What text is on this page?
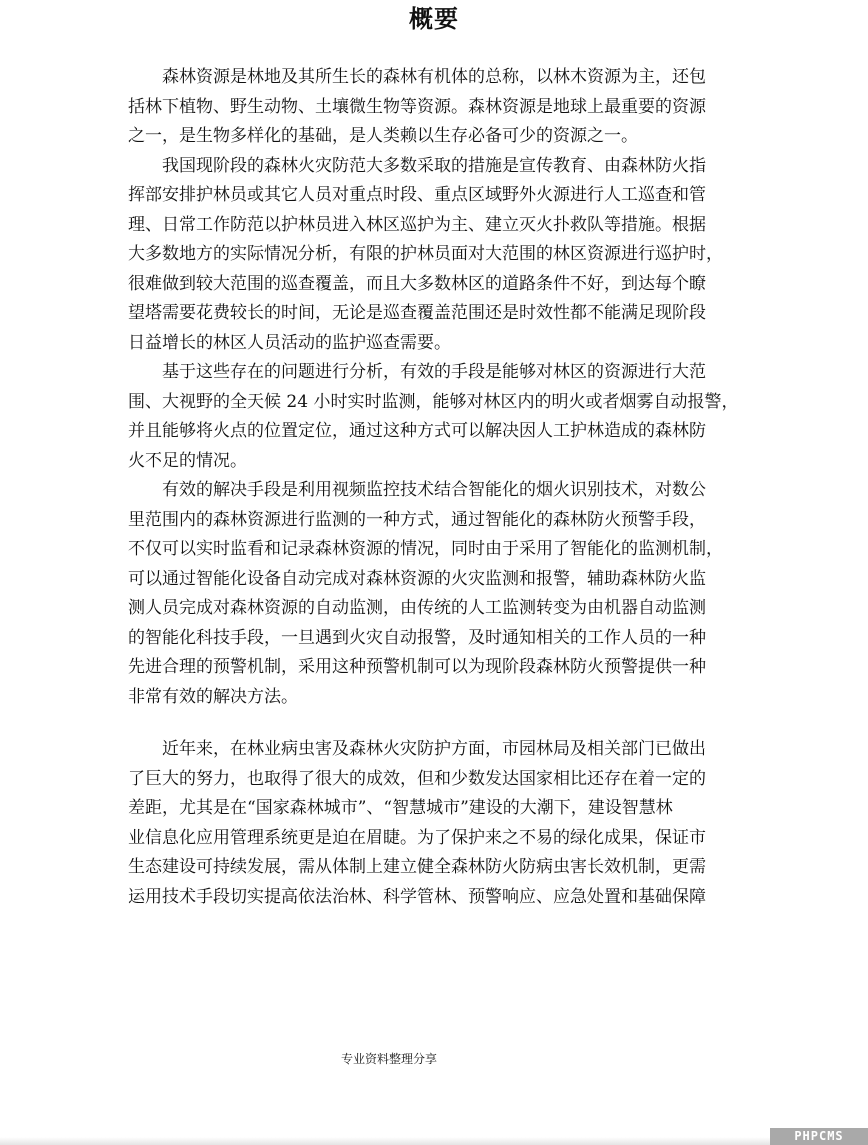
概要
　　森林资源是林地及其所生长的森林有机体的总称，以林木资源为主，还包
括林下植物、野生动物、土壤微生物等资源。森林资源是地球上最重要的资源
之一，是生物多样化的基础，是人类赖以生存必备可少的资源之一。
　　我国现阶段的森林火灾防范大多数采取的措施是宣传教育、由森林防火指
挥部安排护林员或其它人员对重点时段、重点区域野外火源进行人工巡查和管
理、日常工作防范以护林员进入林区巡护为主、建立灭火扑救队等措施。根据
大多数地方的实际情况分析，有限的护林员面对大范围的林区资源进行巡护时，
很难做到较大范围的巡查覆盖，而且大多数林区的道路条件不好，到达每个瞭
望塔需要花费较长的时间，无论是巡查覆盖范围还是时效性都不能满足现阶段
日益增长的林区人员活动的监护巡查需要。
　　基于这些存在的问题进行分析，有效的手段是能够对林区的资源进行大范
围、大视野的全天候 24 小时实时监测，能够对林区内的明火或者烟雾自动报警，
并且能够将火点的位置定位，通过这种方式可以解决因人工护林造成的森林防
火不足的情况。
　　有效的解决手段是利用视频监控技术结合智能化的烟火识别技术，对数公
里范围内的森林资源进行监测的一种方式，通过智能化的森林防火预警手段，
不仅可以实时监看和记录森林资源的情况，同时由于采用了智能化的监测机制，
可以通过智能化设备自动完成对森林资源的火灾监测和报警，辅助森林防火监
测人员完成对森林资源的自动监测，由传统的人工监测转变为由机器自动监测
的智能化科技手段，一旦遇到火灾自动报警，及时通知相关的工作人员的一种
先进合理的预警机制，采用这种预警机制可以为现阶段森林防火预警提供一种
非常有效的解决方法。
　　近年来，在林业病虫害及森林火灾防护方面，市园林局及相关部门已做出
了巨大的努力，也取得了很大的成效，但和少数发达国家相比还存在着一定的
差距，尤其是在“国家森林城市”、“智慧城市”建设的大潮下，建设智慧林
业信息化应用管理系统更是迫在眉睫。为了保护来之不易的绿化成果，保证市
生态建设可持续发展，需从体制上建立健全森林防火防病虫害长效机制，更需
运用技术手段切实提高依法治林、科学管林、预警响应、应急处置和基础保障
专业资料整理分享
PHPCMS
